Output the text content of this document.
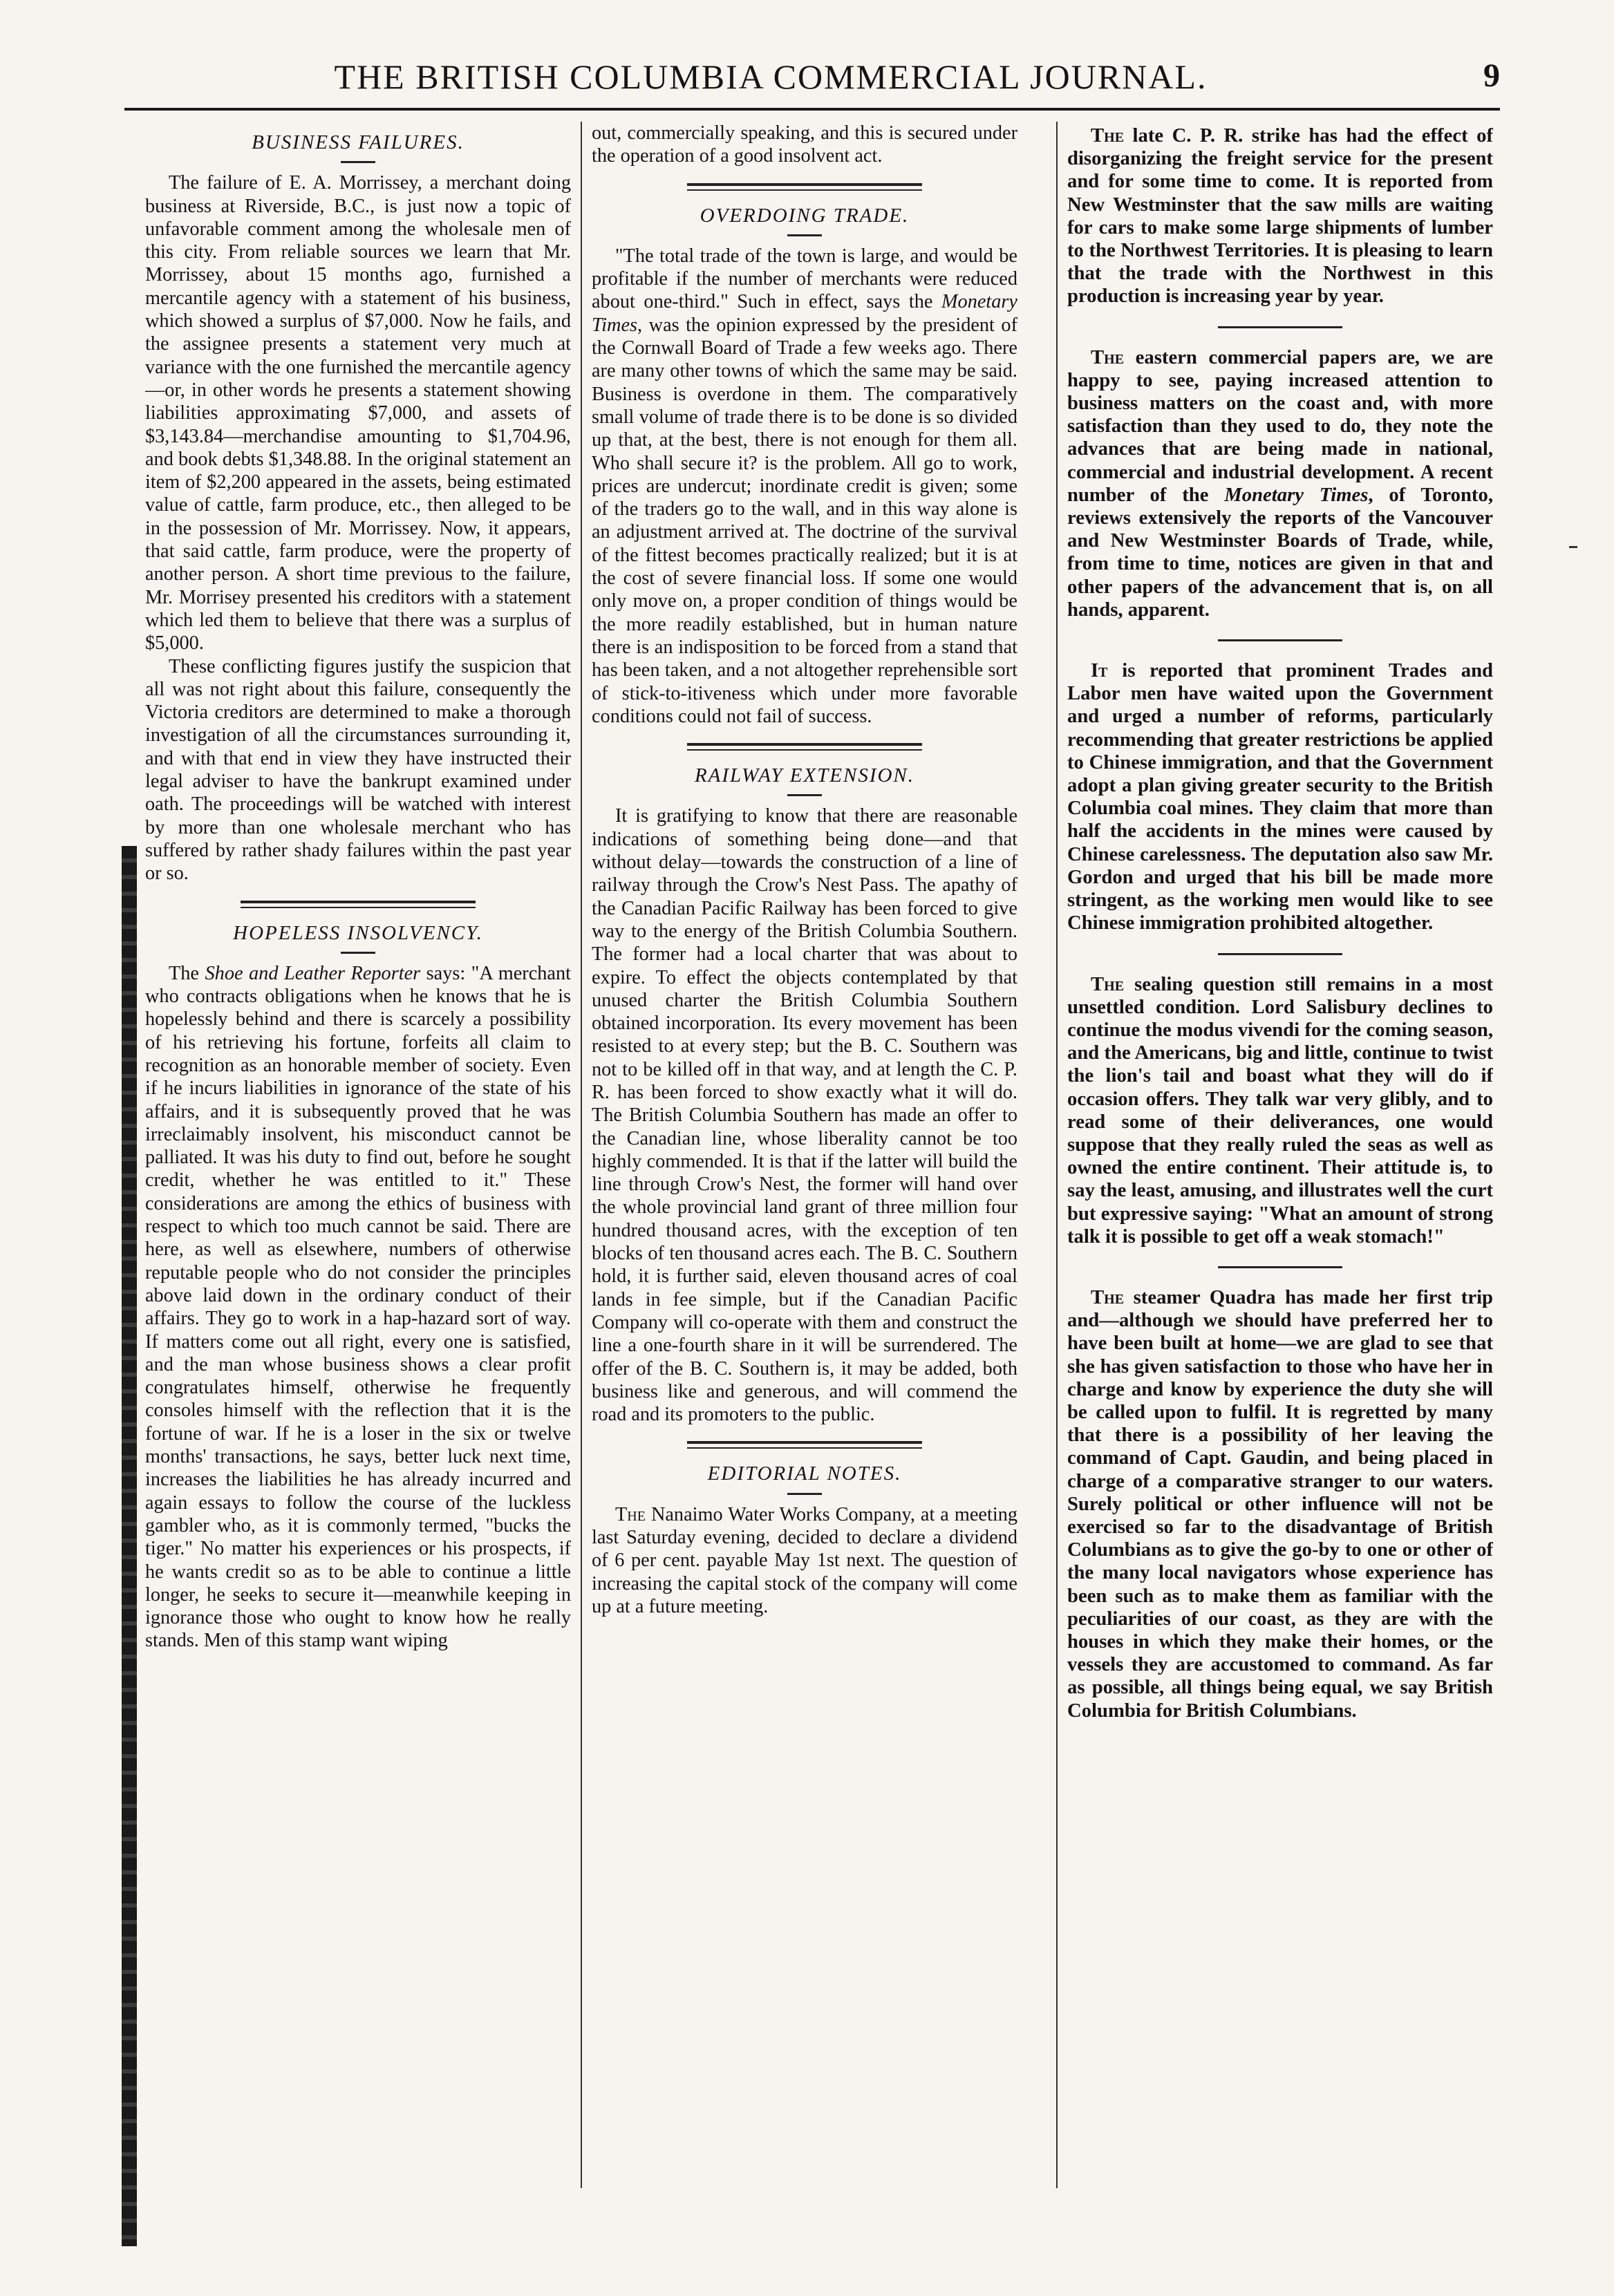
THE BRITISH COLUMBIA COMMERCIAL JOURNAL.	9
BUSINESS FAILURES.

The failure of E. A. Morrissey, a merchant doing business at Riverside, B.C., is just now a topic of unfavorable comment among the wholesale men of this city. From reliable sources we learn that Mr. Morrissey, about 15 months ago, furnished a mercantile agency with a statement of his business, which showed a surplus of $7,000. Now he fails, and the assignee presents a statement very much at variance with the one furnished the mercantile agency—or, in other words he presents a statement showing liabilities approximating $7,000, and assets of $3,143.84—merchandise amounting to $1,704.96, and book debts $1,348.88. In the original statement an item of $2,200 appeared in the assets, being estimated value of cattle, farm produce, etc., then alleged to be in the possession of Mr. Morrissey. Now, it appears, that said cattle, farm produce, were the property of another person. A short time previous to the failure, Mr. Morrisey presented his creditors with a statement which led them to believe that there was a surplus of $5,000.

These conflicting figures justify the suspicion that all was not right about this failure, consequently the Victoria creditors are determined to make a thorough investigation of all the circumstances surrounding it, and with that end in view they have instructed their legal adviser to have the bankrupt examined under oath. The proceedings will be watched with interest by more than one wholesale merchant who has suffered by rather shady failures within the past year or so.

HOPELESS INSOLVENCY.

The Shoe and Leather Reporter says: "A merchant who contracts obligations when he knows that he is hopelessly behind and there is scarcely a possibility of his retrieving his fortune, forfeits all claim to recognition as an honorable member of society. Even if he incurs liabilities in ignorance of the state of his affairs, and it is subsequently proved that he was irreclaimably insolvent, his misconduct cannot be palliated. It was his duty to find out, before he sought credit, whether he was entitled to it." These considerations are among the ethics of business with respect to which too much cannot be said. There are here, as well as elsewhere, numbers of otherwise reputable people who do not consider the principles above laid down in the ordinary conduct of their affairs. They go to work in a hap-hazard sort of way. If matters come out all right, every one is satisfied, and the man whose business shows a clear profit congratulates himself, otherwise he frequently consoles himself with the reflection that it is the fortune of war. If he is a loser in the six or twelve months' transactions, he says, better luck next time, increases the liabilities he has already incurred and again essays to follow the course of the luckless gambler who, as it is commonly termed, "bucks the tiger." No matter his experiences or his prospects, if he wants credit so as to be able to continue a little longer, he seeks to secure it—meanwhile keeping in ignorance those who ought to know how he really stands. Men of this stamp want wiping

out, commercially speaking, and this is secured under the operation of a good insolvent act.

OVERDOING TRADE.

"The total trade of the town is large, and would be profitable if the number of merchants were reduced about one-third." Such in effect, says the Monetary Times, was the opinion expressed by the president of the Cornwall Board of Trade a few weeks ago. There are many other towns of which the same may be said. Business is overdone in them. The comparatively small volume of trade there is to be done is so divided up that, at the best, there is not enough for them all. Who shall secure it? is the problem. All go to work, prices are undercut; inordinate credit is given; some of the traders go to the wall, and in this way alone is an adjustment arrived at. The doctrine of the survival of the fittest becomes practically realized; but it is at the cost of severe financial loss. If some one would only move on, a proper condition of things would be the more readily established, but in human nature there is an indisposition to be forced from a stand that has been taken, and a not altogether reprehensible sort of stick-to-itiveness which under more favorable conditions could not fail of success.

RAILWAY EXTENSION.

It is gratifying to know that there are reasonable indications of something being done—and that without delay—towards the construction of a line of railway through the Crow's Nest Pass. The apathy of the Canadian Pacific Railway has been forced to give way to the energy of the British Columbia Southern. The former had a local charter that was about to expire. To effect the objects contemplated by that unused charter the British Columbia Southern obtained incorporation. Its every movement has been resisted to at every step; but the B. C. Southern was not to be killed off in that way, and at length the C. P. R. has been forced to show exactly what it will do. The British Columbia Southern has made an offer to the Canadian line, whose liberality cannot be too highly commended. It is that if the latter will build the line through Crow's Nest, the former will hand over the whole provincial land grant of three million four hundred thousand acres, with the exception of ten blocks of ten thousand acres each. The B. C. Southern hold, it is further said, eleven thousand acres of coal lands in fee simple, but if the Canadian Pacific Company will co-operate with them and construct the line a one-fourth share in it will be surrendered. The offer of the B. C. Southern is, it may be added, both business like and generous, and will commend the road and its promoters to the public.

EDITORIAL NOTES.

The Nanaimo Water Works Company, at a meeting last Saturday evening, decided to declare a dividend of 6 per cent. payable May 1st next. The question of increasing the capital stock of the company will come up at a future meeting.

The late C. P. R. strike has had the effect of disorganizing the freight service for the present and for some time to come. It is reported from New Westminster that the saw mills are waiting for cars to make some large shipments of lumber to the Northwest Territories. It is pleasing to learn that the trade with the Northwest in this production is increasing year by year.

The eastern commercial papers are, we are happy to see, paying increased attention to business matters on the coast and, with more satisfaction than they used to do, they note the advances that are being made in national, commercial and industrial development. A recent number of the Monetary Times, of Toronto, reviews extensively the reports of the Vancouver and New Westminster Boards of Trade, while, from time to time, notices are given in that and other papers of the advancement that is, on all hands, apparent.

It is reported that prominent Trades and Labor men have waited upon the Government and urged a number of reforms, particularly recommending that greater restrictions be applied to Chinese immigration, and that the Government adopt a plan giving greater security to the British Columbia coal mines. They claim that more than half the accidents in the mines were caused by Chinese carelessness. The deputation also saw Mr. Gordon and urged that his bill be made more stringent, as the working men would like to see Chinese immigration prohibited altogether.

The sealing question still remains in a most unsettled condition. Lord Salisbury declines to continue the modus vivendi for the coming season, and the Americans, big and little, continue to twist the lion's tail and boast what they will do if occasion offers. They talk war very glibly, and to read some of their deliverances, one would suppose that they really ruled the seas as well as owned the entire continent. Their attitude is, to say the least, amusing, and illustrates well the curt but expressive saying: "What an amount of strong talk it is possible to get off a weak stomach!"

The steamer Quadra has made her first trip and—although we should have preferred her to have been built at home—we are glad to see that she has given satisfaction to those who have her in charge and know by experience the duty she will be called upon to fulfil. It is regretted by many that there is a possibility of her leaving the command of Capt. Gaudin, and being placed in charge of a comparative stranger to our waters. Surely political or other influence will not be exercised so far to the disadvantage of British Columbians as to give the go-by to one or other of the many local navigators whose experience has been such as to make them as familiar with the peculiarities of our coast, as they are with the houses in which they make their homes, or the vessels they are accustomed to command. As far as possible, all things being equal, we say British Columbia for British Columbians.
